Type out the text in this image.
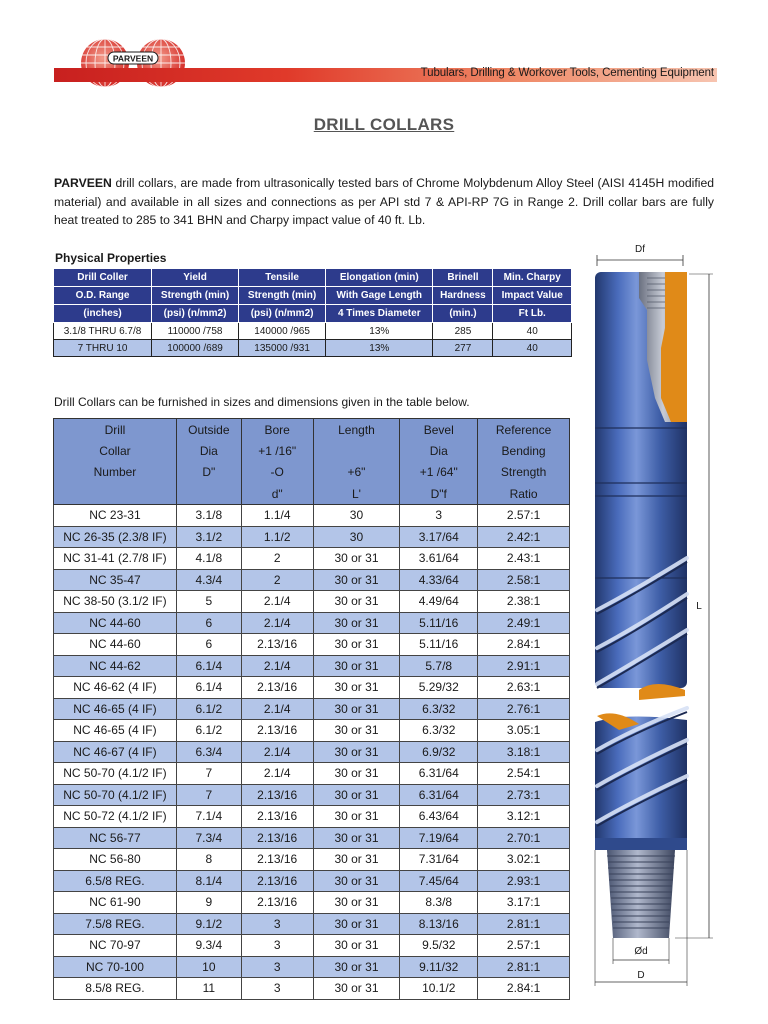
PARVEEN
Tubulars, Drilling & Workover Tools, Cementing Equipment
DRILL COLLARS

PARVEEN drill collars, are made from ultrasonically tested bars of Chrome Molybdenum Alloy Steel (AISI 4145H modified material) and available in all sizes and connections as per API std 7 & API-RP 7G in Range 2. Drill collar bars are fully heat treated to 285 to 341 BHN and Charpy impact value of 40 ft. Lb.

Physical Properties
Drill Coller	Yield	Tensile	Elongation (min)	Brinell	Min. Charpy
O.D. Range	Strength (min)	Strength (min)	With Gage Length	Hardness	Impact Value
(inches)	(psi) (n/mm2)	(psi) (n/mm2)	4 Times Diameter	(min.)	Ft Lb.
3.1/8 THRU 6.7/8	110000 /758	140000 /965	13%	285	40
7 THRU 10	100000 /689	135000 /931	13%	277	40
Drill Collars can be furnished in sizes and dimensions given in the table below.
Drill	Outside	Bore	Length	Bevel	Reference
Collar	Dia	+1 /16"		Dia	Bending
Number	D"	-O	+6"	+1 /64"	Strength
		d"	L'	D"f	Ratio
NC 23-31	3.1/8	1.1/4	30	3	2.57:1
NC 26-35 (2.3/8 IF)	3.1/2	1.1/2	30	3.17/64	2.42:1
NC 31-41 (2.7/8 IF)	4.1/8	2	30 or 31	3.61/64	2.43:1
NC 35-47	4.3/4	2	30 or 31	4.33/64	2.58:1
NC 38-50 (3.1/2 IF)	5	2.1/4	30 or 31	4.49/64	2.38:1
NC 44-60	6	2.1/4	30 or 31	5.11/16	2.49:1
NC 44-60	6	2.13/16	30 or 31	5.11/16	2.84:1
NC 44-62	6.1/4	2.1/4	30 or 31	5.7/8	2.91:1
NC 46-62 (4 IF)	6.1/4	2.13/16	30 or 31	5.29/32	2.63:1
NC 46-65 (4 IF)	6.1/2	2.1/4	30 or 31	6.3/32	2.76:1
NC 46-65 (4 IF)	6.1/2	2.13/16	30 or 31	6.3/32	3.05:1
NC 46-67 (4 IF)	6.3/4	2.1/4	30 or 31	6.9/32	3.18:1
NC 50-70 (4.1/2 IF)	7	2.1/4	30 or 31	6.31/64	2.54:1
NC 50-70 (4.1/2 IF)	7	2.13/16	30 or 31	6.31/64	2.73:1
NC 50-72 (4.1/2 IF)	7.1/4	2.13/16	30 or 31	6.43/64	3.12:1
NC 56-77	7.3/4	2.13/16	30 or 31	7.19/64	2.70:1
NC 56-80	8	2.13/16	30 or 31	7.31/64	3.02:1
6.5/8 REG.	8.1/4	2.13/16	30 or 31	7.45/64	2.93:1
NC 61-90	9	2.13/16	30 or 31	8.3/8	3.17:1
7.5/8 REG.	9.1/2	3	30 or 31	8.13/16	2.81:1
NC 70-97	9.3/4	3	30 or 31	9.5/32	2.57:1
NC 70-100	10	3	30 or 31	9.11/32	2.81:1
8.5/8 REG.	11	3	30 or 31	10.1/2	2.84:1
Df
L
Ød
D
